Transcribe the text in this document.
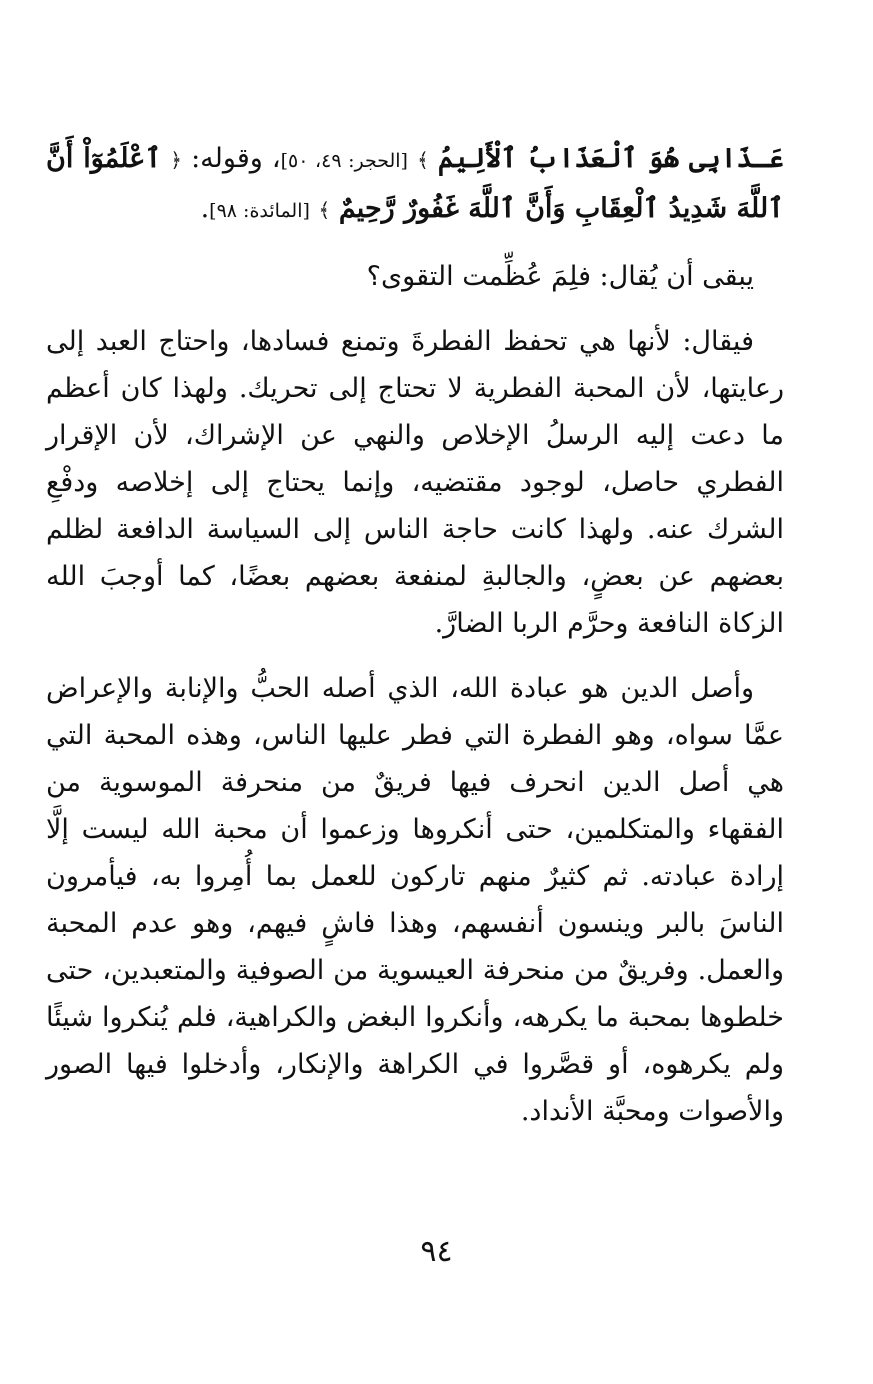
عَـذَابِى هُوَ ٱلْعَذَابُ ٱلْأَلِيمُ ﴾ [الحجر: ٤٩، ٥٠]، وقوله: ﴿ ٱعْلَمُوٓاْ أَنَّ ٱللَّهَ شَدِيدُ ٱلْعِقَابِ وَأَنَّ ٱللَّهَ غَفُورٌ رَّحِيمٌ ﴾ [المائدة: ٩٨].

يبقى أن يُقال: فلِمَ عُظِّمت التقوى؟

فيقال: لأنها هي تحفظ الفطرةَ وتمنع فسادها، واحتاج العبد إلى رعايتها، لأن المحبة الفطرية لا تحتاج إلى تحريك. ولهذا كان أعظم ما دعت إليه الرسلُ الإخلاص والنهي عن الإشراك، لأن الإقرار الفطري حاصل، لوجود مقتضيه، وإنما يحتاج إلى إخلاصه ودفْعِ الشرك عنه. ولهذا كانت حاجة الناس إلى السياسة الدافعة لظلم بعضهم عن بعضٍ، والجالبةِ لمنفعة بعضهم بعضًا، كما أوجبَ الله الزكاة النافعة وحرَّم الربا الضارَّ.

وأصل الدين هو عبادة الله، الذي أصله الحبُّ والإنابة والإعراض عمَّا سواه، وهو الفطرة التي فطر عليها الناس، وهذه المحبة التي هي أصل الدين انحرف فيها فريقٌ من منحرفة الموسوية من الفقهاء والمتكلمين، حتى أنكروها وزعموا أن محبة الله ليست إلَّا إرادة عبادته. ثم كثيرٌ منهم تاركون للعمل بما أُمِروا به، فيأمرون الناسَ بالبر وينسون أنفسهم، وهذا فاشٍ فيهم، وهو عدم المحبة والعمل. وفريقٌ من منحرفة العيسوية من الصوفية والمتعبدين، حتى خلطوها بمحبة ما يكرهه، وأنكروا البغض والكراهية، فلم يُنكروا شيئًا ولم يكرهوه، أو قصَّروا في الكراهة والإنكار، وأدخلوا فيها الصور والأصوات ومحبَّة الأنداد.

٩٤
